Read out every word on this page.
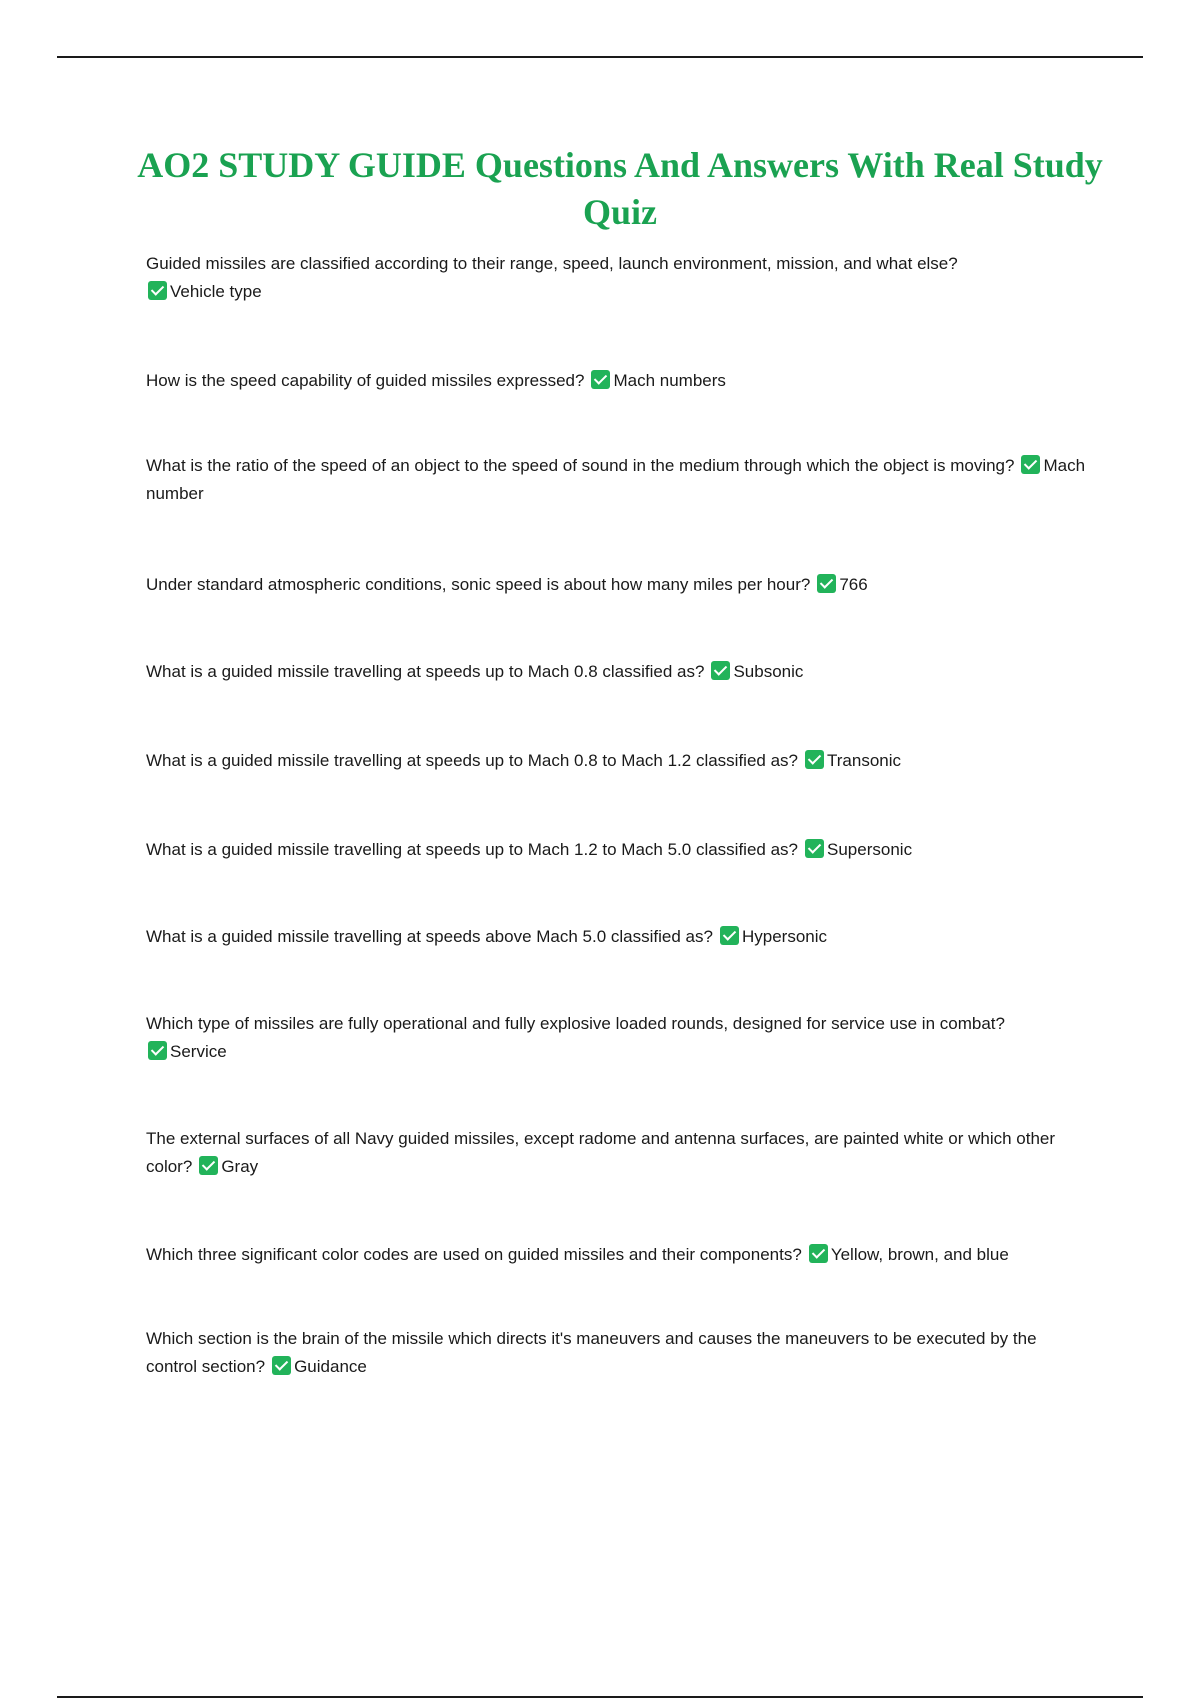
AO2 STUDY GUIDE Questions And Answers With Real Study Quiz

Guided missiles are classified according to their range, speed, launch environment, mission, and what else?
Vehicle type

How is the speed capability of guided missiles expressed? Mach numbers

What is the ratio of the speed of an object to the speed of sound in the medium through which the object is moving? Mach number

Under standard atmospheric conditions, sonic speed is about how many miles per hour? 766

What is a guided missile travelling at speeds up to Mach 0.8 classified as? Subsonic

What is a guided missile travelling at speeds up to Mach 0.8 to Mach 1.2 classified as? Transonic

What is a guided missile travelling at speeds up to Mach 1.2 to Mach 5.0 classified as? Supersonic

What is a guided missile travelling at speeds above Mach 5.0 classified as? Hypersonic

Which type of missiles are fully operational and fully explosive loaded rounds, designed for service use in combat?
Service

The external surfaces of all Navy guided missiles, except radome and antenna surfaces, are painted white or which other color? Gray

Which three significant color codes are used on guided missiles and their components? Yellow, brown, and blue

Which section is the brain of the missile which directs it's maneuvers and causes the maneuvers to be executed by the control section? Guidance
